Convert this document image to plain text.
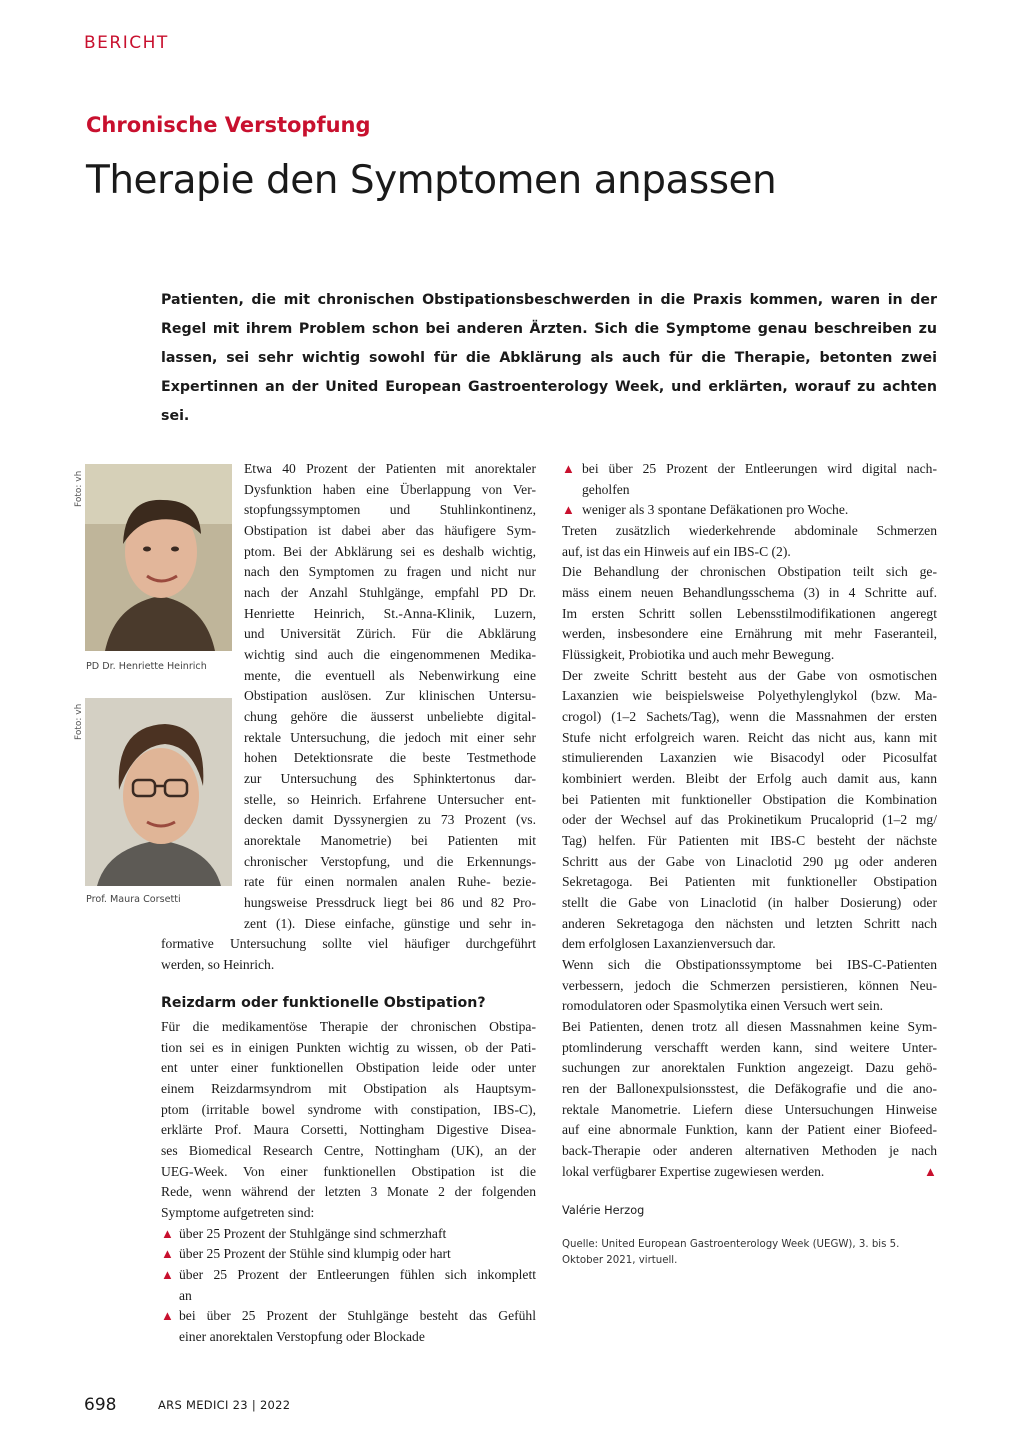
BERICHT
Chronische Verstopfung
Therapie den Symptomen anpassen
Patienten, die mit chronischen Obstipationsbeschwerden in die Praxis kommen, waren in der Regel mit ihrem Problem schon bei anderen Ärzten. Sich die Symptome genau beschreiben zu lassen, sei sehr wichtig sowohl für die Abklärung als auch für die Therapie, betonten zwei Expertinnen an der United European Gastroenterology Week, und erklärten, worauf zu achten sei.
Foto: vh
PD Dr. Henriette Heinrich
Foto: vh
Prof. Maura Corsetti
Etwa 40 Prozent der Patienten mit anorektaler
Dysfunktion haben eine Überlappung von Ver-
stopfungssymptomen und Stuhlinkontinenz,
Obstipation ist dabei aber das häufigere Sym-
ptom. Bei der Abklärung sei es deshalb wichtig,
nach den Symptomen zu fragen und nicht nur
nach der Anzahl Stuhlgänge, empfahl PD Dr.
Henriette Heinrich, St.-Anna-Klinik, Luzern,
und Universität Zürich. Für die Abklärung
wichtig sind auch die eingenommenen Medika-
mente, die eventuell als Nebenwirkung eine
Obstipation auslösen. Zur klinischen Untersu-
chung gehöre die äusserst unbeliebte digital-
rektale Untersuchung, die jedoch mit einer sehr
hohen Detektionsrate die beste Testmethode
zur Untersuchung des Sphinktertonus dar-
stelle, so Heinrich. Erfahrene Untersucher ent-
decken damit Dyssynergien zu 73 Prozent (vs.
anorektale Manometrie) bei Patienten mit
chronischer Verstopfung, und die Erkennungs-
rate für einen normalen analen Ruhe- bezie-
hungsweise Pressdruck liegt bei 86 und 82 Pro-
zent (1). Diese einfache, günstige und sehr in-
formative Untersuchung sollte viel häufiger durchgeführt
werden, so Heinrich.
Reizdarm oder funktionelle Obstipation?
Für die medikamentöse Therapie der chronischen Obstipa-
tion sei es in einigen Punkten wichtig zu wissen, ob der Pati-
ent unter einer funktionellen Obstipation leide oder unter
einem Reizdarmsyndrom mit Obstipation als Hauptsym-
ptom (irritable bowel syndrome with constipation, IBS-C),
erklärte Prof. Maura Corsetti, Nottingham Digestive Disea-
ses Biomedical Research Centre, Nottingham (UK), an der
UEG-Week. Von einer funktionellen Obstipation ist die
Rede, wenn während der letzten 3 Monate 2 der folgenden
Symptome aufgetreten sind:
▲ über 25 Prozent der Stuhlgänge sind schmerzhaft
▲ über 25 Prozent der Stühle sind klumpig oder hart
▲ über 25 Prozent der Entleerungen fühlen sich inkomplett
an
▲ bei über 25 Prozent der Stuhlgänge besteht das Gefühl
einer anorektalen Verstopfung oder Blockade
▲ bei über 25 Prozent der Entleerungen wird digital nach-
geholfen
▲ weniger als 3 spontane Defäkationen pro Woche.
Treten zusätzlich wiederkehrende abdominale Schmerzen
auf, ist das ein Hinweis auf ein IBS-C (2).
Die Behandlung der chronischen Obstipation teilt sich ge-
mäss einem neuen Behandlungsschema (3) in 4 Schritte auf.
Im ersten Schritt sollen Lebensstilmodifikationen angeregt
werden, insbesondere eine Ernährung mit mehr Faseranteil,
Flüssigkeit, Probiotika und auch mehr Bewegung.
Der zweite Schritt besteht aus der Gabe von osmotischen
Laxanzien wie beispielsweise Polyethylenglykol (bzw. Ma-
crogol) (1–2 Sachets/Tag), wenn die Massnahmen der ersten
Stufe nicht erfolgreich waren. Reicht das nicht aus, kann mit
stimulierenden Laxanzien wie Bisacodyl oder Picosulfat
kombiniert werden. Bleibt der Erfolg auch damit aus, kann
bei Patienten mit funktioneller Obstipation die Kombination
oder der Wechsel auf das Prokinetikum Prucaloprid (1–2 mg/
Tag) helfen. Für Patienten mit IBS-C besteht der nächste
Schritt aus der Gabe von Linaclotid 290 µg oder anderen
Sekretagoga. Bei Patienten mit funktioneller Obstipation
stellt die Gabe von Linaclotid (in halber Dosierung) oder
anderen Sekretagoga den nächsten und letzten Schritt nach
dem erfolglosen Laxanzienversuch dar.
Wenn sich die Obstipationssymptome bei IBS-C-Patienten
verbessern, jedoch die Schmerzen persistieren, können Neu-
romodulatoren oder Spasmolytika einen Versuch wert sein.
Bei Patienten, denen trotz all diesen Massnahmen keine Sym-
ptomlinderung verschafft werden kann, sind weitere Unter-
suchungen zur anorektalen Funktion angezeigt. Dazu gehö-
ren der Ballonexpulsionsstest, die Defäkografie und die ano-
rektale Manometrie. Liefern diese Untersuchungen Hinweise
auf eine abnormale Funktion, kann der Patient einer Biofeed-
back-Therapie oder anderen alternativen Methoden je nach
lokal verfügbarer Expertise zugewiesen werden.	▲
Valérie Herzog
Quelle: United European Gastroenterology Week (UEGW), 3. bis 5. Oktober 2021, virtuell.
698	ARS MEDICI 23 | 2022
